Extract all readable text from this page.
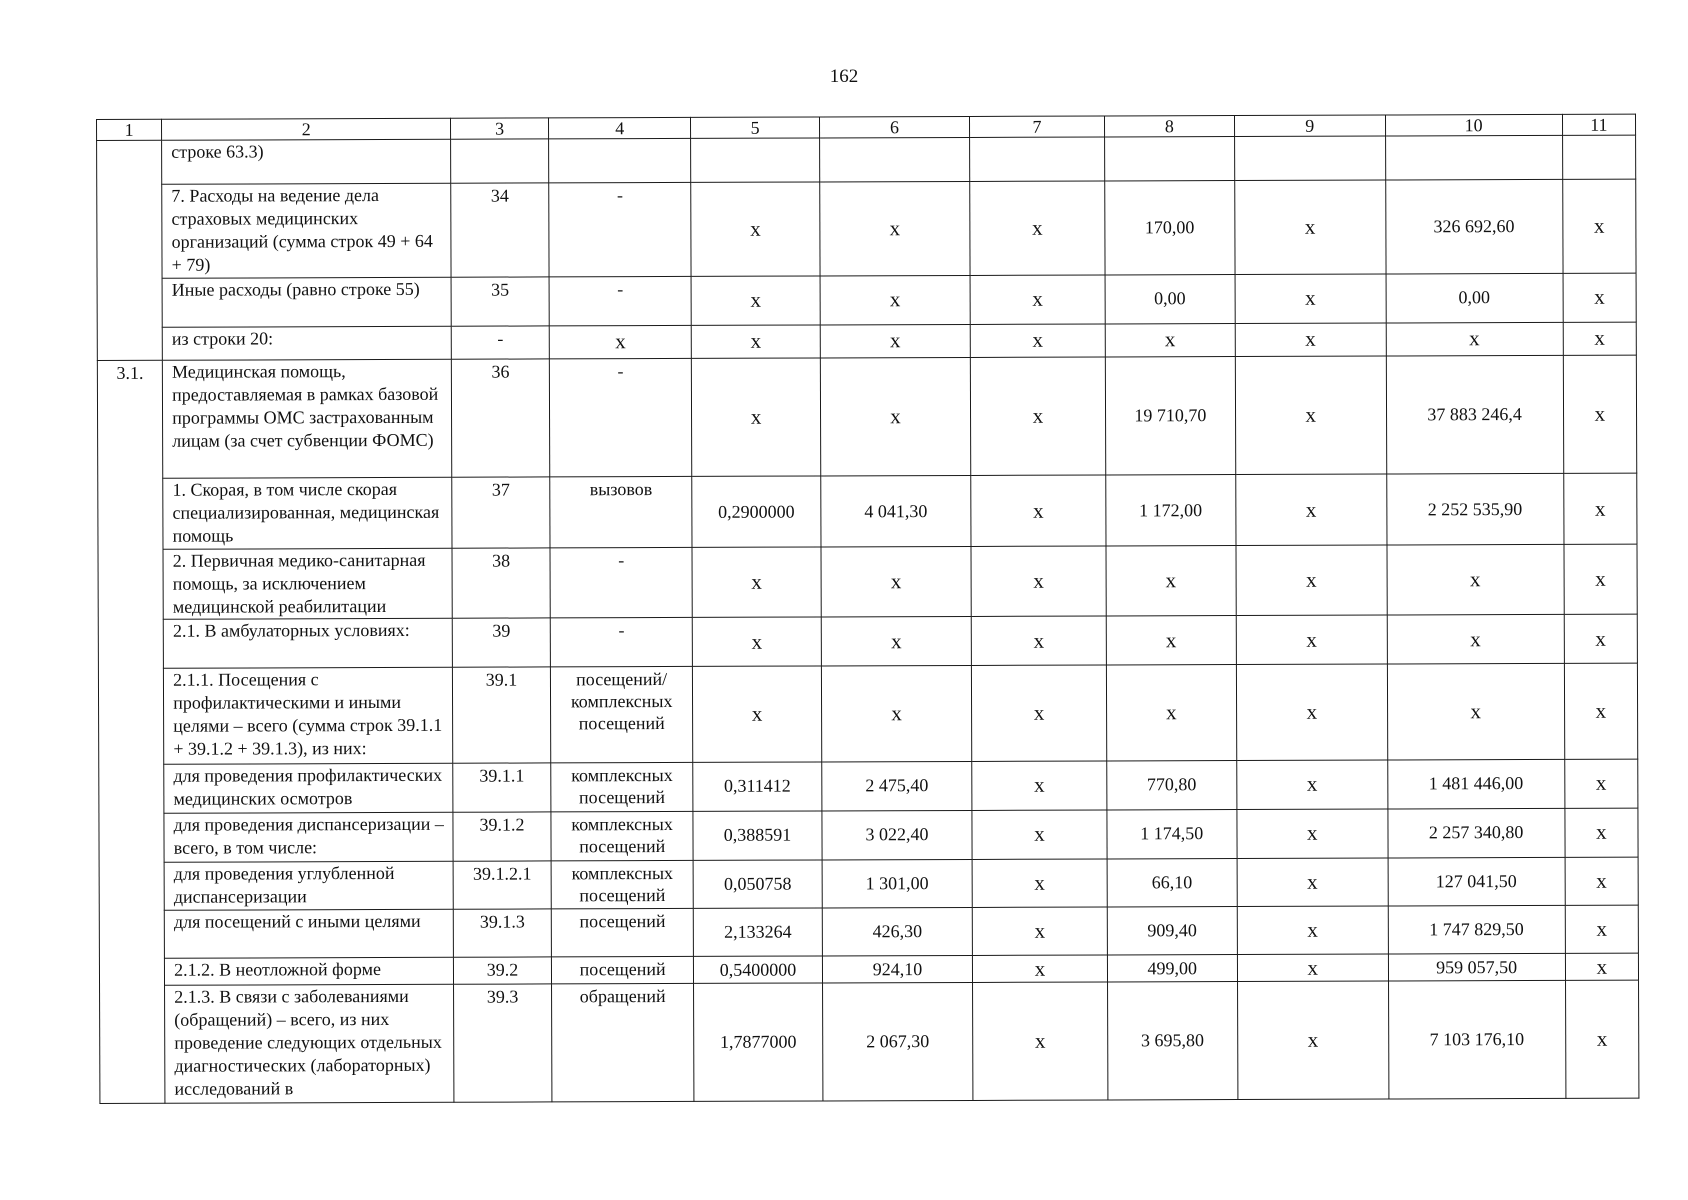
162
1	2	3	4	5	6	7	8	9	10	11
	строке 63.3)									
	7. Расходы на ведение дела страховых медицинских организаций (сумма строк 49 + 64 + 79)	34	-	х	х	х	170,00	х	326 692,60	х
	Иные расходы (равно строке 55)	35	-	х	х	х	0,00	х	0,00	х
	из строки 20:	-	х	х	х	х	х	х	х	х
3.1.	Медицинская помощь, предоставляемая в рамках базовой программы ОМС застрахованным лицам (за счет субвенции ФОМС)	36	-	х	х	х	19 710,70	х	37 883 246,4	х
	1. Скорая, в том числе скорая специализированная, медицинская помощь	37	вызовов	0,2900000	4 041,30	х	1 172,00	х	2 252 535,90	х
	2. Первичная медико-санитарная помощь, за исключением медицинской реабилитации	38	-	х	х	х	х	х	х	х
	2.1. В амбулаторных условиях:	39	-	х	х	х	х	х	х	х
	2.1.1. Посещения с профилактическими и иными целями – всего (сумма строк 39.1.1 + 39.1.2 + 39.1.3), из них:	39.1	посещений/ комплексных посещений	х	х	х	х	х	х	х
	для проведения профилактических медицинских осмотров	39.1.1	комплексных посещений	0,311412	2 475,40	х	770,80	х	1 481 446,00	х
	для проведения диспансеризации – всего, в том числе:	39.1.2	комплексных посещений	0,388591	3 022,40	х	1 174,50	х	2 257 340,80	х
	для проведения углубленной диспансеризации	39.1.2.1	комплексных посещений	0,050758	1 301,00	х	66,10	х	127 041,50	х
	для посещений с иными целями	39.1.3	посещений	2,133264	426,30	х	909,40	х	1 747 829,50	х
	2.1.2. В неотложной форме	39.2	посещений	0,5400000	924,10	х	499,00	х	959 057,50	х
	2.1.3. В связи с заболеваниями (обращений) – всего, из них проведение следующих отдельных диагностических (лабораторных) исследований в	39.3	обращений	1,7877000	2 067,30	х	3 695,80	х	7 103 176,10	х
